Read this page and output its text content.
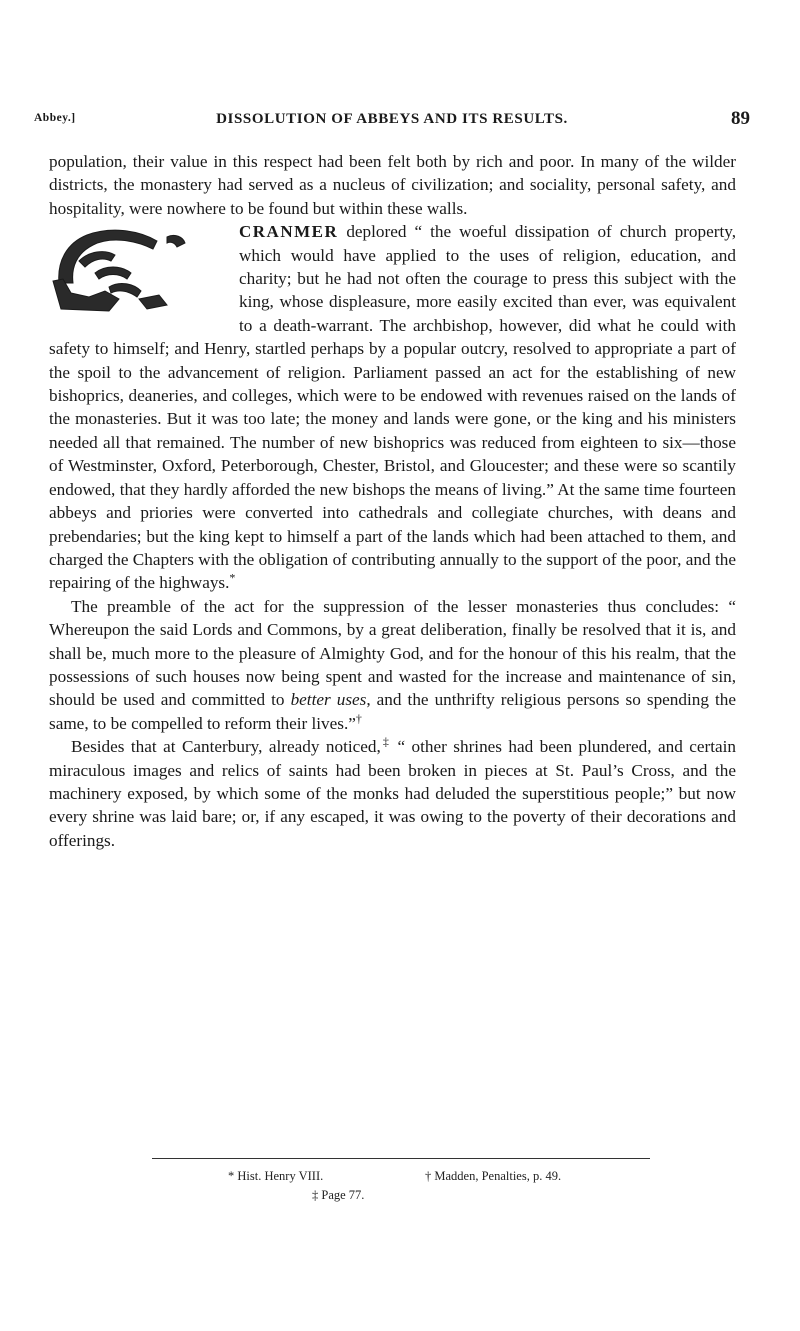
Abbey.]	DISSOLUTION OF ABBEYS AND ITS RESULTS.	89

population, their value in this respect had been felt both by rich and poor. In many of the wilder districts, the monastery had served as a nucleus of civilization; and sociality, personal safety, and hospitality, were nowhere to be found but within these walls.

CRANMER deplored “ the woeful dissipation of church property, which would have applied to the uses of religion, education, and charity; but he had not often the courage to press this subject with the king, whose displeasure, more easily excited than ever, was equivalent to a death-warrant. The archbishop, however, did what he could with safety to himself; and Henry, startled perhaps by a popular outcry, resolved to appropriate a part of the spoil to the advancement of religion. Parliament passed an act for the establishing of new bishoprics, deaneries, and colleges, which were to be endowed with revenues raised on the lands of the monasteries. But it was too late; the money and lands were gone, or the king and his ministers needed all that remained. The number of new bishoprics was reduced from eighteen to six—those of Westminster, Oxford, Peterborough, Chester, Bristol, and Gloucester; and these were so scantily endowed, that they hardly afforded the new bishops the means of living.” At the same time fourteen abbeys and priories were converted into cathedrals and collegiate churches, with deans and prebendaries; but the king kept to himself a part of the lands which had been attached to them, and charged the Chapters with the obligation of contributing annually to the support of the poor, and the repairing of the highways.*

The preamble of the act for the suppression of the lesser monasteries thus concludes: “ Whereupon the said Lords and Commons, by a great deliberation, finally be resolved that it is, and shall be, much more to the pleasure of Almighty God, and for the honour of this his realm, that the possessions of such houses now being spent and wasted for the increase and maintenance of sin, should be used and committed to better uses, and the unthrifty religious persons so spending the same, to be compelled to reform their lives.”†

Besides that at Canterbury, already noticed,‡ “ other shrines had been plundered, and certain miraculous images and relics of saints had been broken in pieces at St. Paul’s Cross, and the machinery exposed, by which some of the monks had deluded the superstitious people;” but now every shrine was laid bare; or, if any escaped, it was owing to the poverty of their decorations and offerings.

* Hist. Henry VIII.	† Madden, Penalties, p. 49.
‡ Page 77.
